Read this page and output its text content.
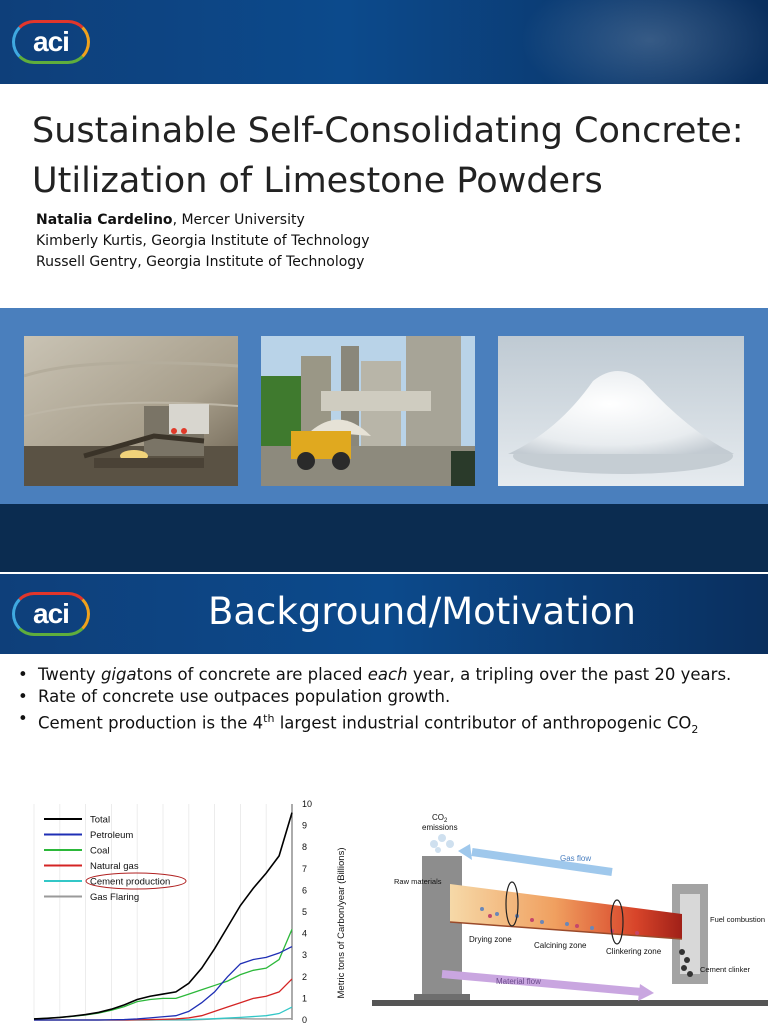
aci
Sustainable Self-Consolidating Concrete:
Utilization of Limestone Powders
Natalia Cardelino, Mercer University
Kimberly Kurtis, Georgia Institute of Technology
Russell Gentry, Georgia Institute of Technology
aci	Background/Motivation
• Twenty gigatons of concrete are placed each year, a tripling over the past 20 years.
• Rate of concrete use outpaces population growth.
• Cement production is the 4th largest industrial contributor of anthropogenic $CO_2$
0
1
2
3
4
5
6
7
8
9
10
Total
Petroleum
Coal
Natural gas
Cement production
Gas Flaring	Metric tons of Carbon/year (Billions)
$CO_2$
emissions
Raw materials
Gas flow
Drying zone
Calcining zone
Clinkering zone
Fuel combustion
Cement clinker
Material flow
